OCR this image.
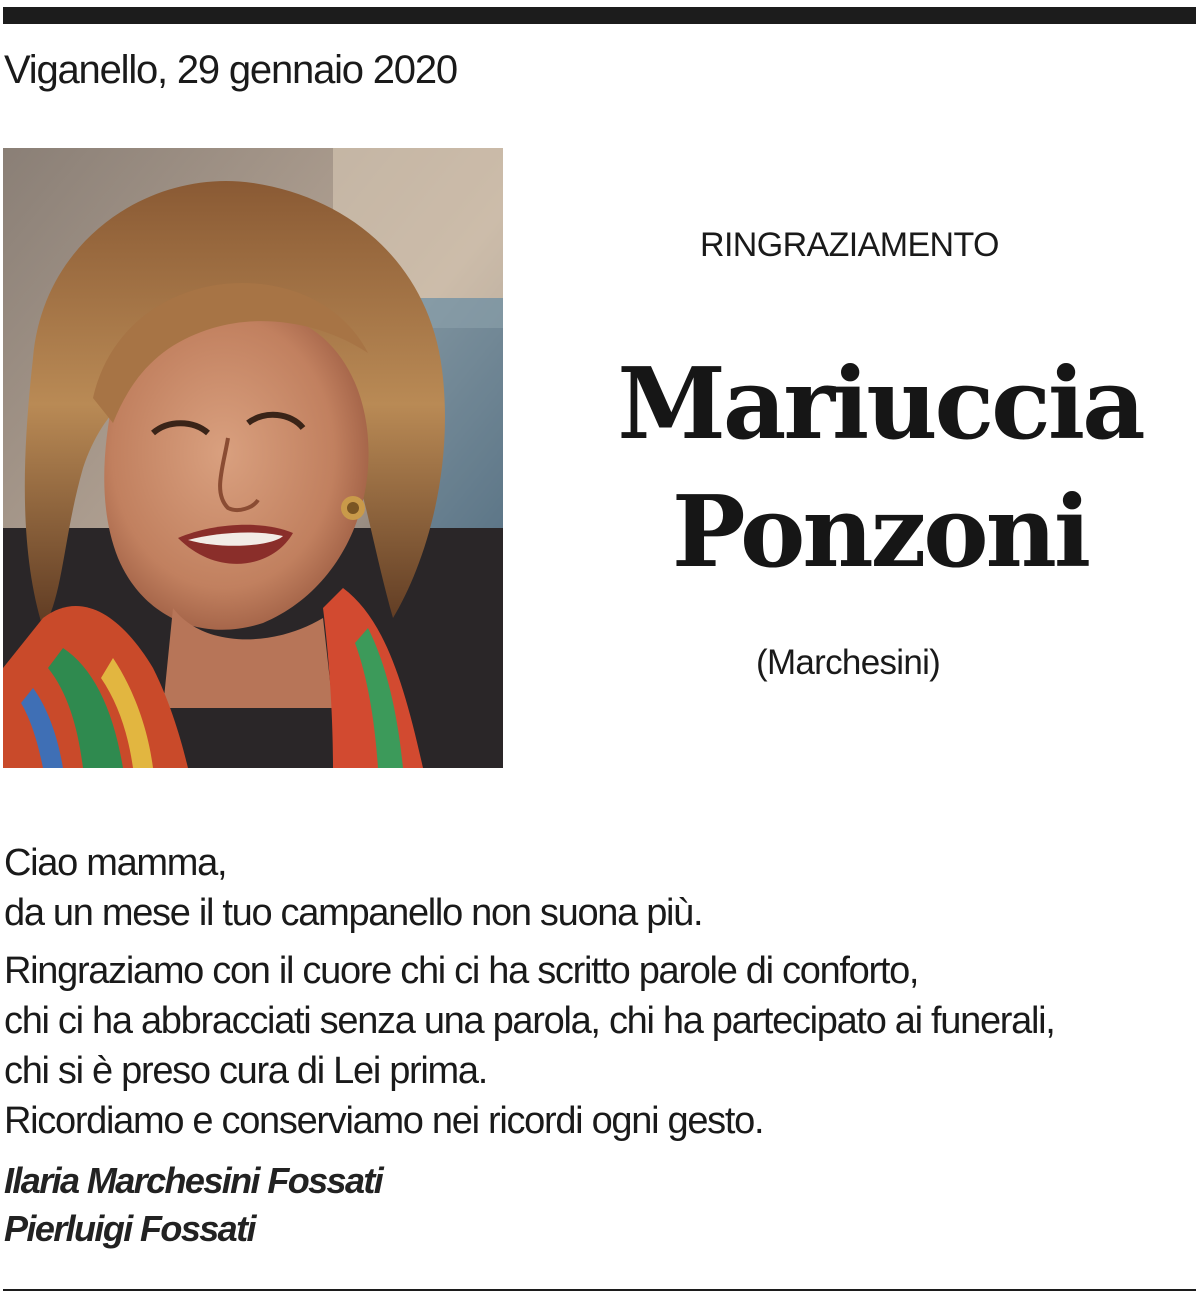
Viganello, 29 gennaio 2020
RINGRAZIAMENTO
Mariuccia
Ponzoni
(Marchesini)
Ciao mamma,
da un mese il tuo campanello non suona più.
Ringraziamo con il cuore chi ci ha scritto parole di conforto,
chi ci ha abbracciati senza una parola, chi ha partecipato ai funerali,
chi si è preso cura di Lei prima.
Ricordiamo e conserviamo nei ricordi ogni gesto.
Ilaria Marchesini Fossati
Pierluigi Fossati
